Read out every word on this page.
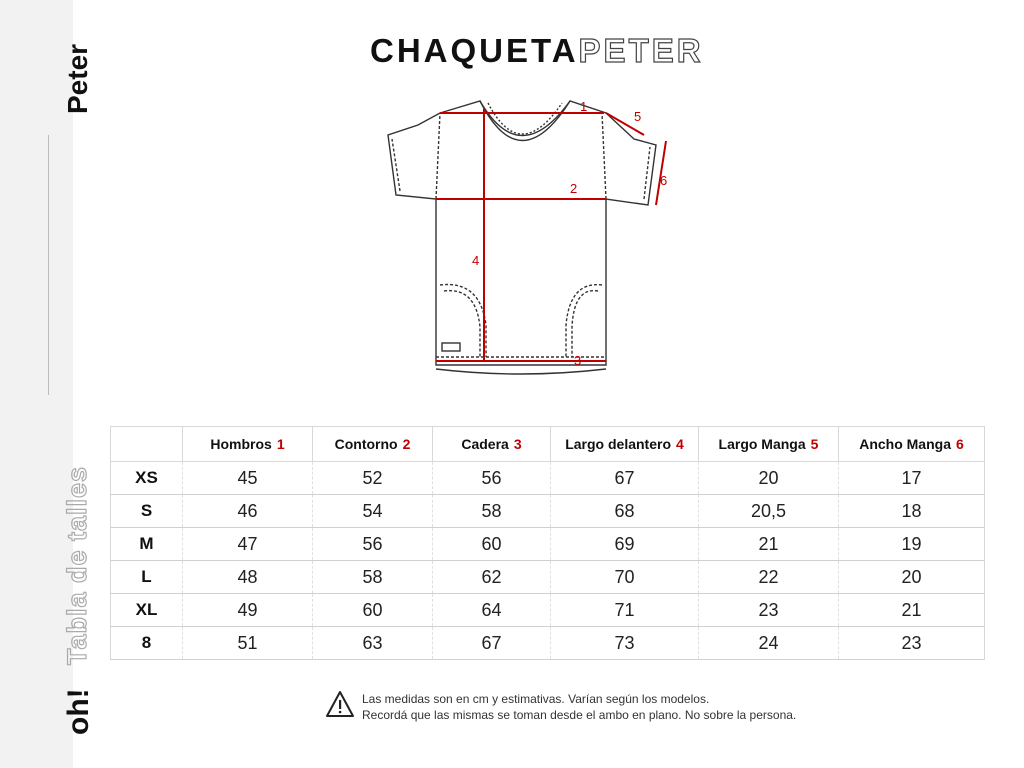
oh!
Tabla de talles
Peter	CHAQUETAPETER
1
2
3
4
5
6
	Hombros 1	Contorno 2	Cadera 3	Largo delantero 4	Largo Manga 5	Ancho Manga 6
XS	45	52	56	67	20	17
S	46	54	58	68	20,5	18
M	47	56	60	69	21	19
L	48	58	62	70	22	20
XL	49	60	64	71	23	21
8	51	63	67	73	24	23
Las medidas son en cm y estimativas. Varían según los modelos.
Recordá que las mismas se toman desde el ambo en plano. No sobre la persona.
